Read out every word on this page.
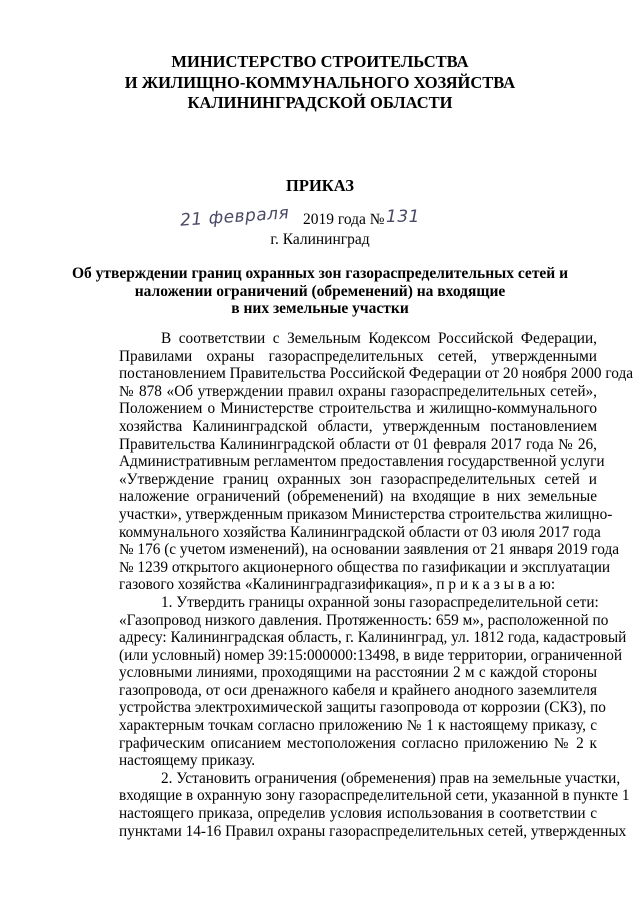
МИНИСТЕРСТВО СТРОИТЕЛЬСТВА
И ЖИЛИЩНО-КОММУНАЛЬНОГО ХОЗЯЙСТВА
КАЛИНИНГРАДСКОЙ ОБЛАСТИ
ПРИКАЗ
21 февраля 2019 года № 131
г. Калининград
Об утверждении границ охранных зон газораспределительных сетей и
наложении ограничений (обременений) на входящие
в них земельные участки
В соответствии с Земельным Кодексом Российской Федерации,
Правилами охраны газораспределительных сетей, утвержденными
постановлением Правительства Российской Федерации от 20 ноября 2000 года
№ 878 «Об утверждении правил охраны газораспределительных сетей»,
Положением о Министерстве строительства и жилищно-коммунального
хозяйства Калининградской области, утвержденным постановлением
Правительства Калининградской области от 01 февраля 2017 года № 26,
Административным регламентом предоставления государственной услуги
«Утверждение границ охранных зон газораспределительных сетей и
наложение ограничений (обременений) на входящие в них земельные
участки», утвержденным приказом Министерства строительства жилищно-
коммунального хозяйства Калининградской области от 03 июля 2017 года
№ 176 (с учетом изменений), на основании заявления от 21 января 2019 года
№ 1239 открытого акционерного общества по газификации и эксплуатации
газового хозяйства «Калининградгазификация», п р и к а з ы в а ю:
1. Утвердить границы охранной зоны газораспределительной сети:
«Газопровод низкого давления. Протяженность: 659 м», расположенной по
адресу: Калининградская область, г. Калининград, ул. 1812 года, кадастровый
(или условный) номер 39:15:000000:13498, в виде территории, ограниченной
условными линиями, проходящими на расстоянии 2 м с каждой стороны
газопровода, от оси дренажного кабеля и крайнего анодного заземлителя
устройства электрохимической защиты газопровода от коррозии (СКЗ), по
характерным точкам согласно приложению № 1 к настоящему приказу, с
графическим описанием местоположения согласно приложению № 2 к
настоящему приказу.
2. Установить ограничения (обременения) прав на земельные участки,
входящие в охранную зону газораспределительной сети, указанной в пункте 1
настоящего приказа, определив условия использования в соответствии с
пунктами 14-16 Правил охраны газораспределительных сетей, утвержденных
